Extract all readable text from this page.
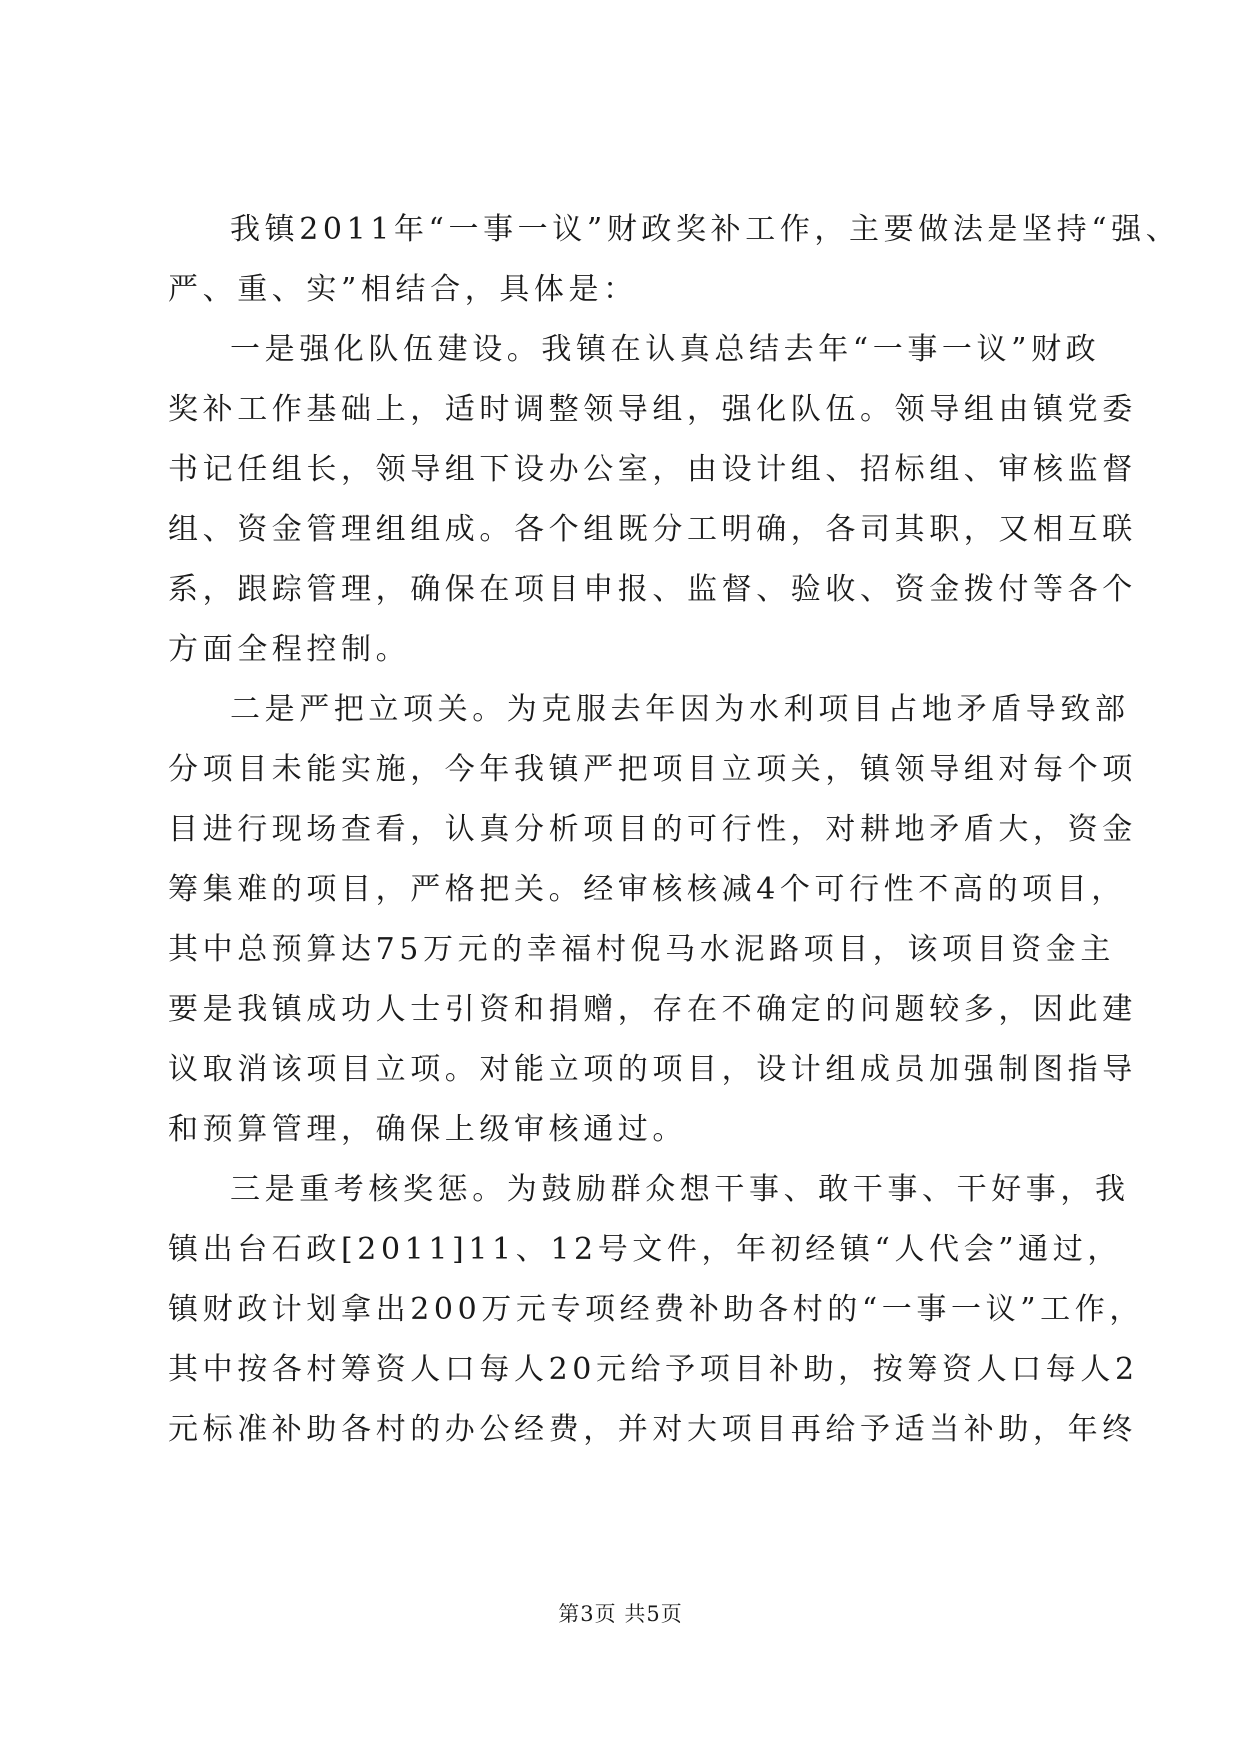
我镇2011年“一事一议”财政奖补工作，主要做法是坚持“强、
严、重、实”相结合，具体是：
一是强化队伍建设。我镇在认真总结去年“一事一议”财政
奖补工作基础上，适时调整领导组，强化队伍。领导组由镇党委
书记任组长，领导组下设办公室，由设计组、招标组、审核监督
组、资金管理组组成。各个组既分工明确，各司其职，又相互联
系，跟踪管理，确保在项目申报、监督、验收、资金拨付等各个
方面全程控制。
二是严把立项关。为克服去年因为水利项目占地矛盾导致部
分项目未能实施，今年我镇严把项目立项关，镇领导组对每个项
目进行现场查看，认真分析项目的可行性，对耕地矛盾大，资金
筹集难的项目，严格把关。经审核核减4个可行性不高的项目，
其中总预算达75万元的幸福村倪马水泥路项目，该项目资金主
要是我镇成功人士引资和捐赠，存在不确定的问题较多，因此建
议取消该项目立项。对能立项的项目，设计组成员加强制图指导
和预算管理，确保上级审核通过。
三是重考核奖惩。为鼓励群众想干事、敢干事、干好事，我
镇出台石政[2011]11、12号文件，年初经镇“人代会”通过，
镇财政计划拿出200万元专项经费补助各村的“一事一议”工作，
其中按各村筹资人口每人20元给予项目补助，按筹资人口每人2
元标准补助各村的办公经费，并对大项目再给予适当补助，年终
第3页 共5页
